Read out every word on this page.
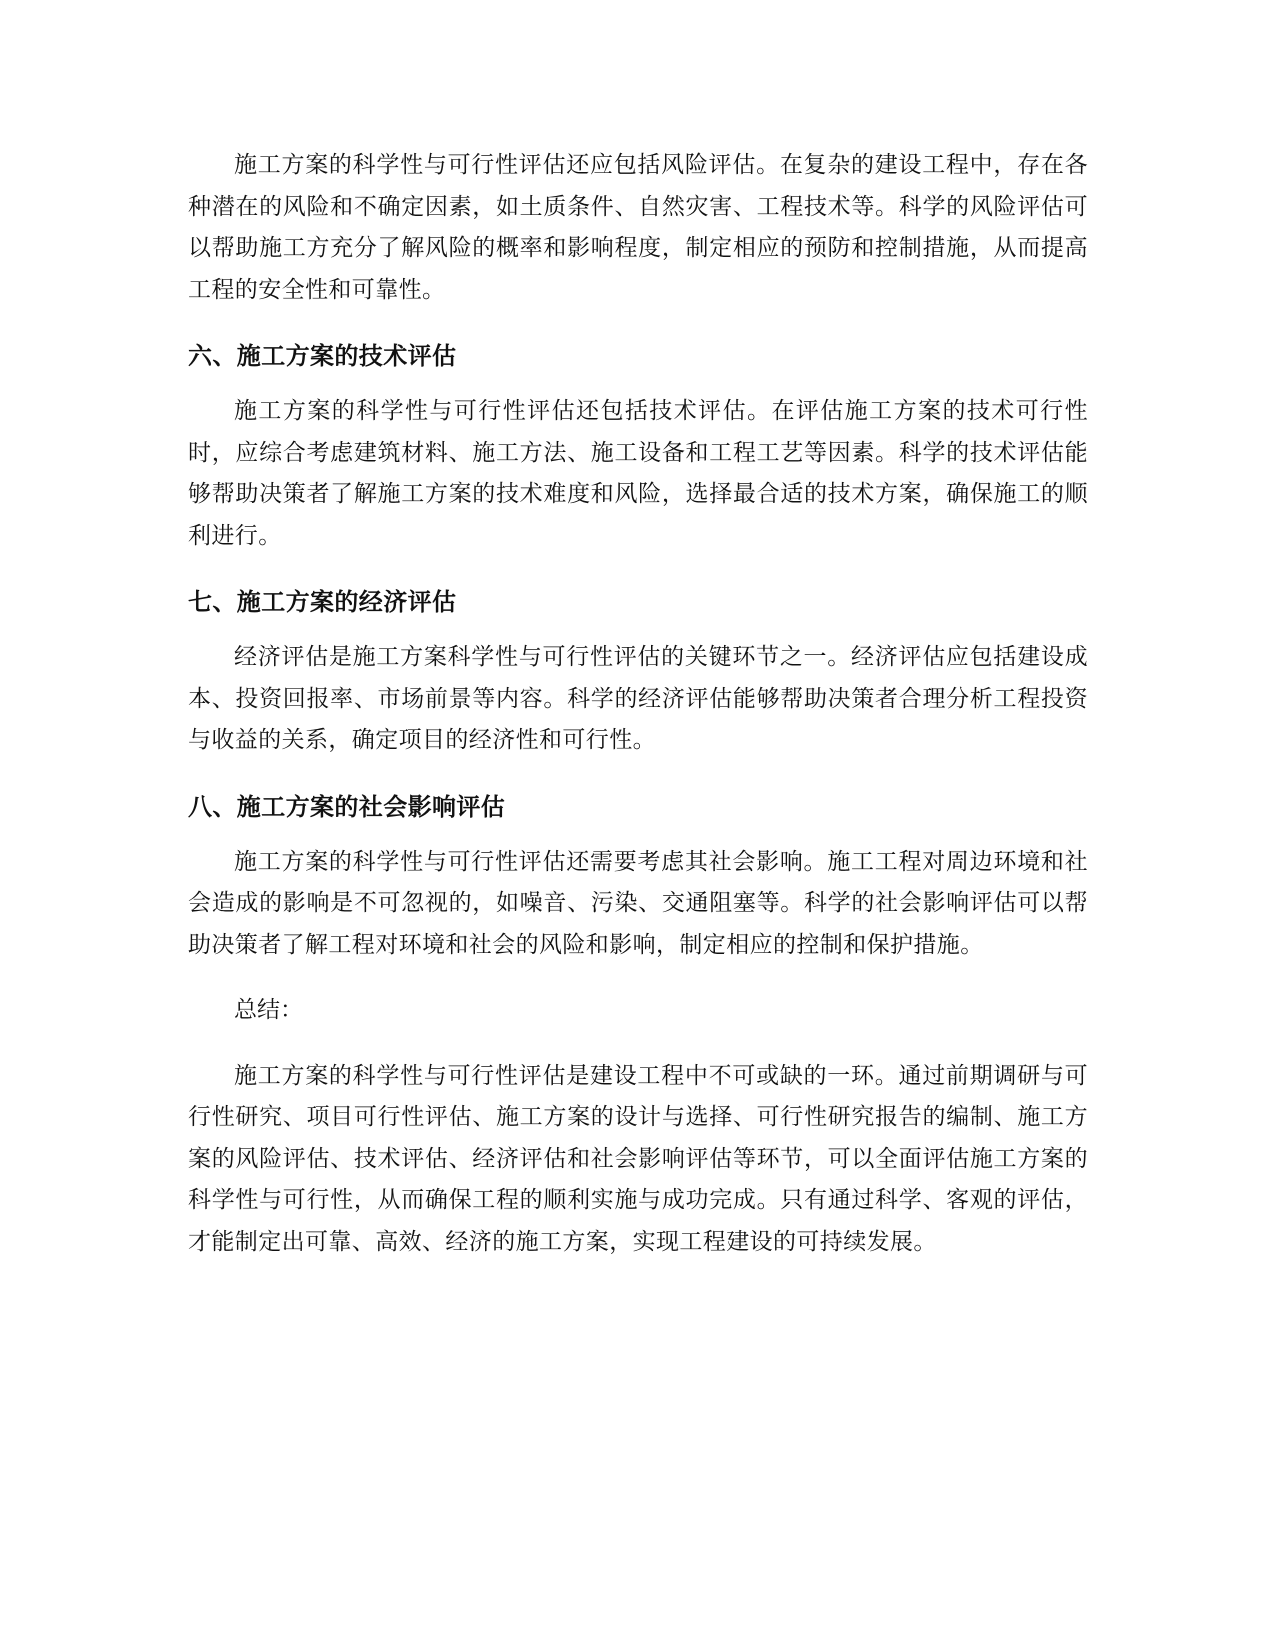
施工方案的科学性与可行性评估还应包括风险评估。在复杂的建设工程中，存在各种潜在的风险和不确定因素，如土质条件、自然灾害、工程技术等。科学的风险评估可以帮助施工方充分了解风险的概率和影响程度，制定相应的预防和控制措施，从而提高工程的安全性和可靠性。

六、施工方案的技术评估

施工方案的科学性与可行性评估还包括技术评估。在评估施工方案的技术可行性时，应综合考虑建筑材料、施工方法、施工设备和工程工艺等因素。科学的技术评估能够帮助决策者了解施工方案的技术难度和风险，选择最合适的技术方案，确保施工的顺利进行。

七、施工方案的经济评估

经济评估是施工方案科学性与可行性评估的关键环节之一。经济评估应包括建设成本、投资回报率、市场前景等内容。科学的经济评估能够帮助决策者合理分析工程投资与收益的关系，确定项目的经济性和可行性。

八、施工方案的社会影响评估

施工方案的科学性与可行性评估还需要考虑其社会影响。施工工程对周边环境和社会造成的影响是不可忽视的，如噪音、污染、交通阻塞等。科学的社会影响评估可以帮助决策者了解工程对环境和社会的风险和影响，制定相应的控制和保护措施。

总结：

施工方案的科学性与可行性评估是建设工程中不可或缺的一环。通过前期调研与可行性研究、项目可行性评估、施工方案的设计与选择、可行性研究报告的编制、施工方案的风险评估、技术评估、经济评估和社会影响评估等环节，可以全面评估施工方案的科学性与可行性，从而确保工程的顺利实施与成功完成。只有通过科学、客观的评估，才能制定出可靠、高效、经济的施工方案，实现工程建设的可持续发展。
